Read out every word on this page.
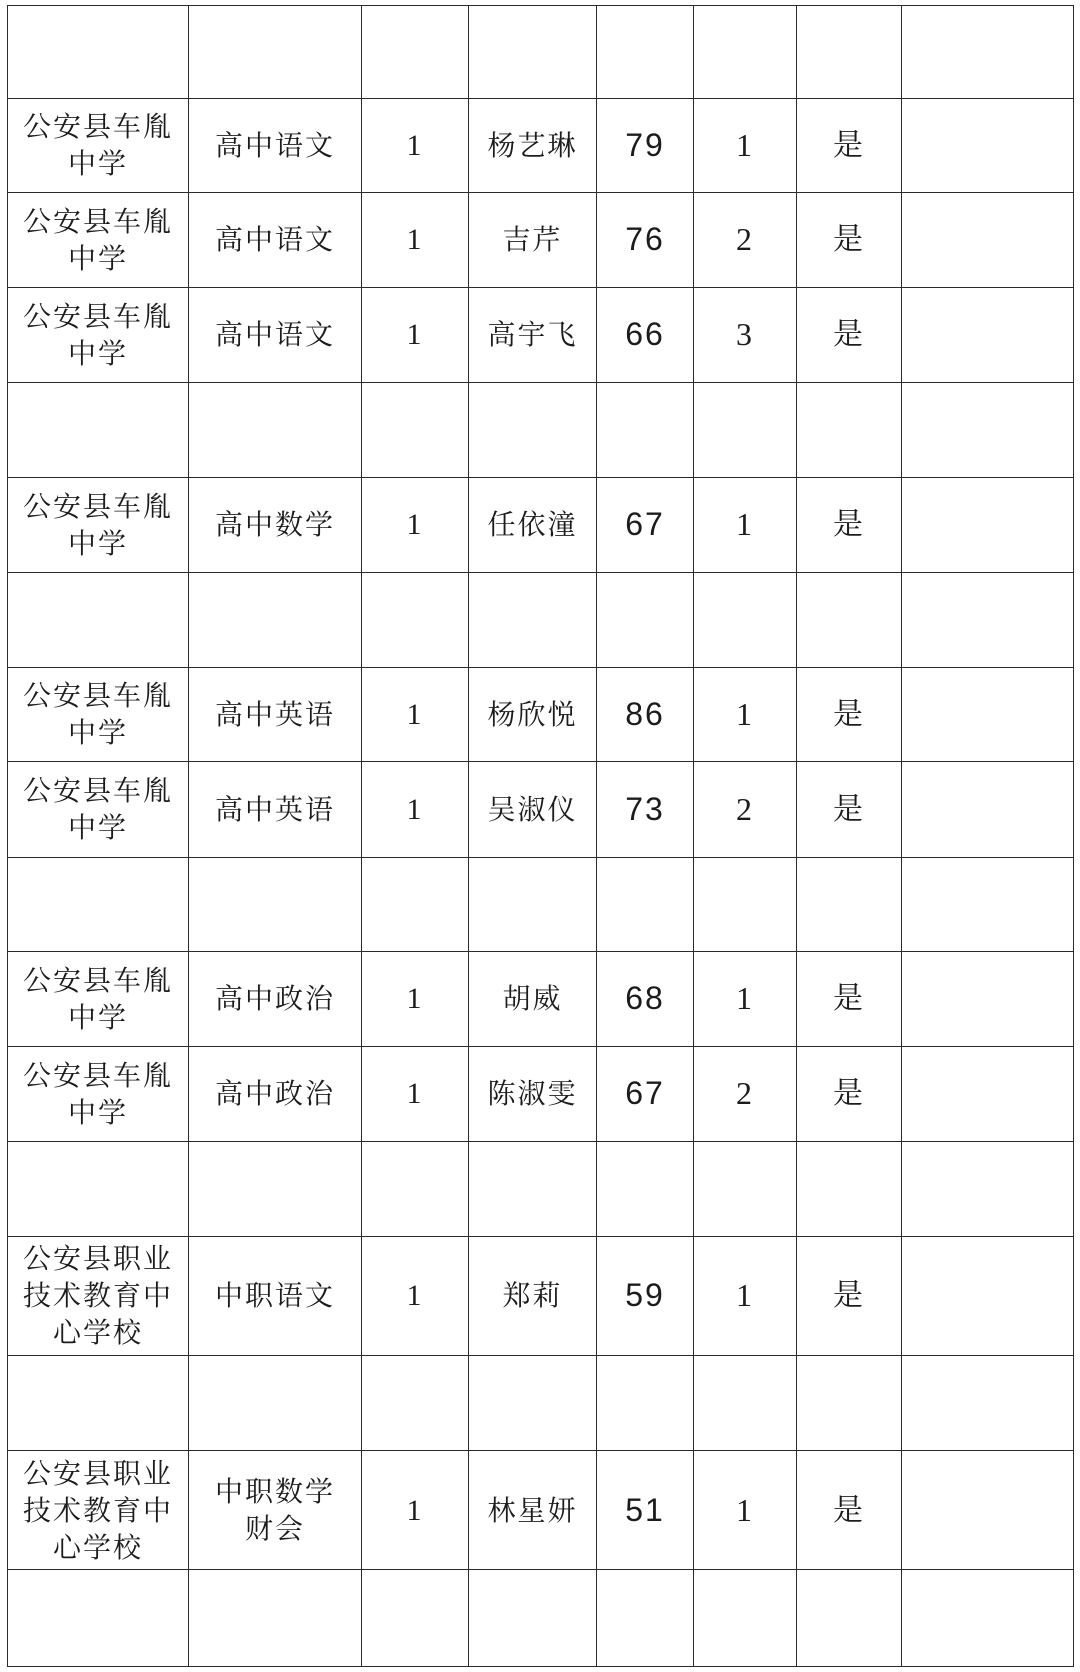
公安县车胤中学	高中语文	1	杨艺琳	79	1	是	
公安县车胤中学	高中语文	1	吉芹	76	2	是	
公安县车胤中学	高中语文	1	高宇飞	66	3	是	

公安县车胤中学	高中数学	1	任依潼	67	1	是	

公安县车胤中学	高中英语	1	杨欣悦	86	1	是	
公安县车胤中学	高中英语	1	吴淑仪	73	2	是	

公安县车胤中学	高中政治	1	胡威	68	1	是	
公安县车胤中学	高中政治	1	陈淑雯	67	2	是	

公安县职业技术教育中心学校	中职语文	1	郑莉	59	1	是	

公安县职业技术教育中心学校	中职数学财会	1	林星妍	51	1	是	
